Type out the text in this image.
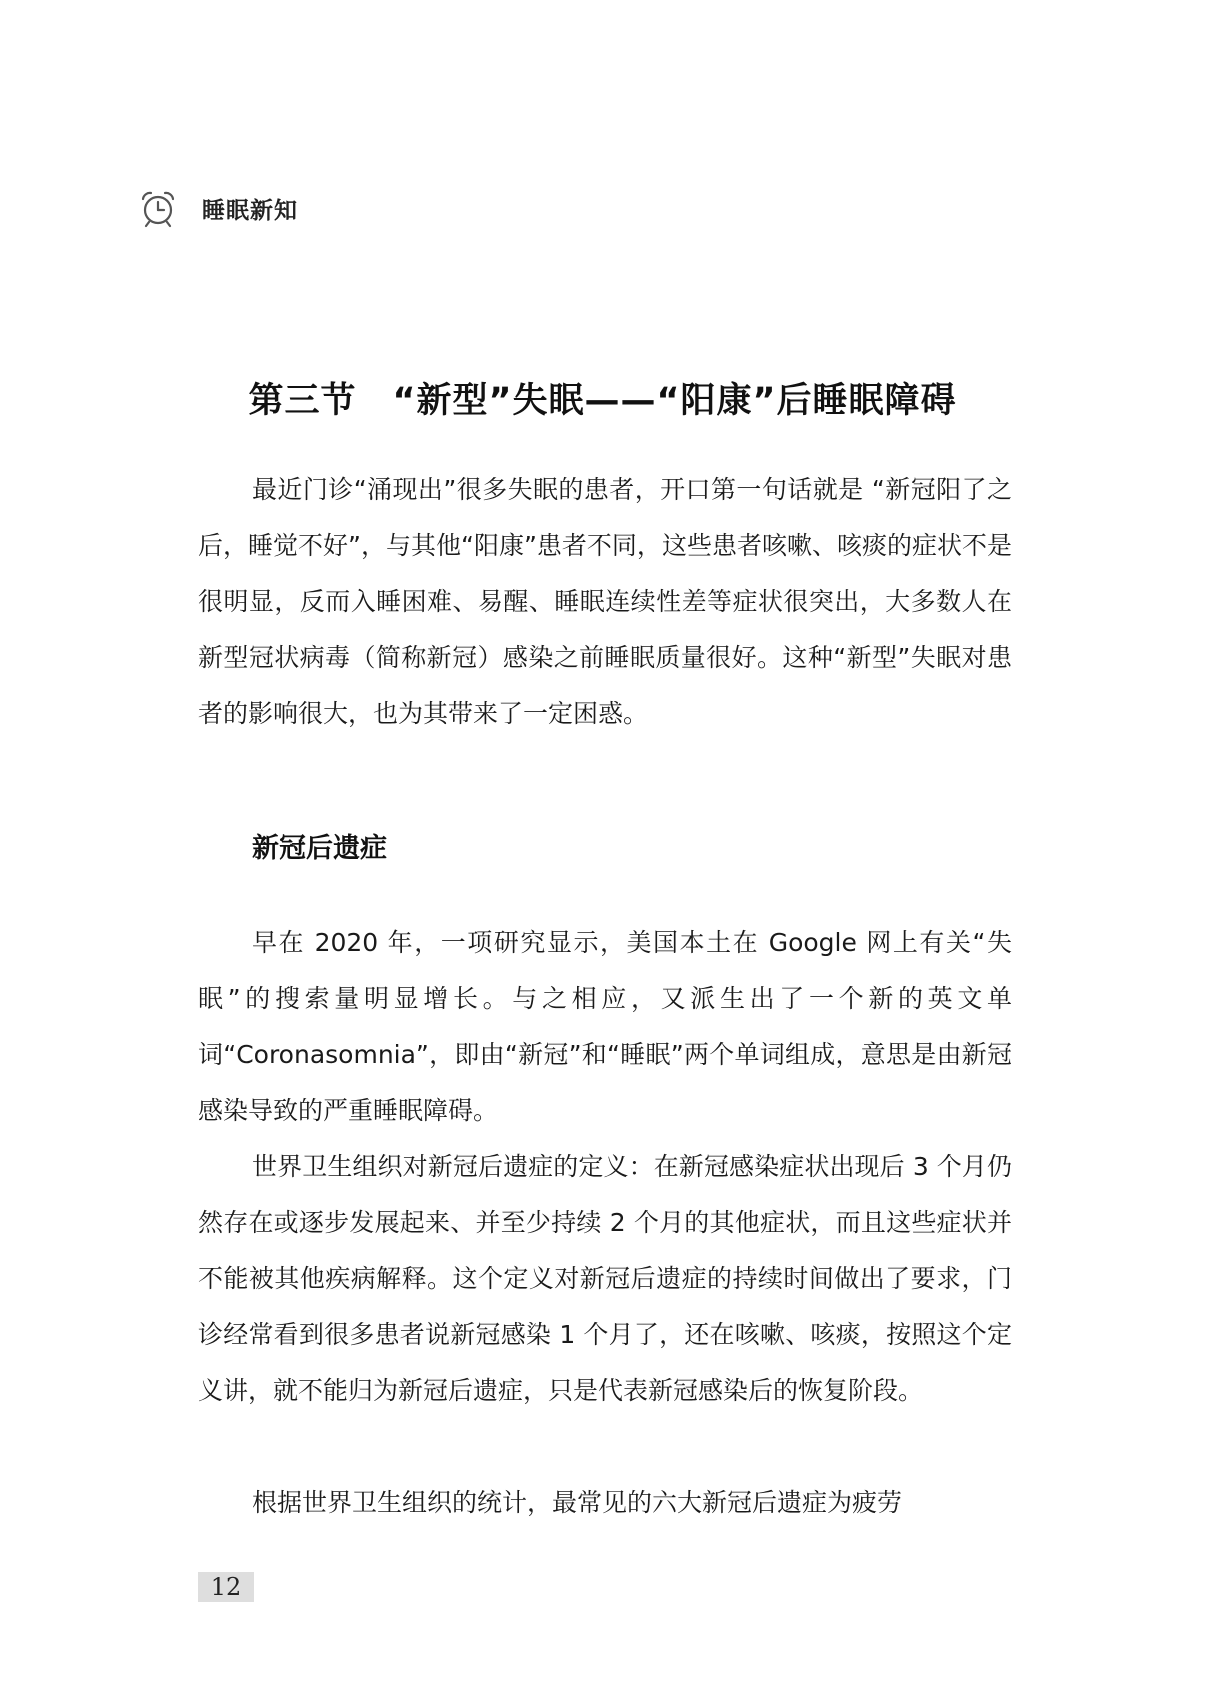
睡眠新知
第三节　“新型”失眠——“阳康”后睡眠障碍

最近门诊“涌现出”很多失眠的患者，开口第一句话就是 “新冠阳了之后，睡觉不好”，与其他“阳康”患者不同，这些患者咳嗽、咳痰的症状不是很明显，反而入睡困难、易醒、睡眠连续性差等症状很突出，大多数人在新型冠状病毒（简称新冠）感染之前睡眠质量很好。这种“新型”失眠对患者的影响很大，也为其带来了一定困惑。

新冠后遗症

早在 2020 年，一项研究显示，美国本土在 Google 网上有关“失眠”的搜索量明显增长。与之相应，又派生出了一个新的英文单词“Coronasomnia”，即由“新冠”和“睡眠”两个单词组成，意思是由新冠感染导致的严重睡眠障碍。

世界卫生组织对新冠后遗症的定义：在新冠感染症状出现后 3 个月仍然存在或逐步发展起来、并至少持续 2 个月的其他症状，而且这些症状并不能被其他疾病解释。这个定义对新冠后遗症的持续时间做出了要求，门诊经常看到很多患者说新冠感染 1 个月了，还在咳嗽、咳痰，按照这个定义讲，就不能归为新冠后遗症，只是代表新冠感染后的恢复阶段。

根据世界卫生组织的统计，最常见的六大新冠后遗症为疲劳

12
